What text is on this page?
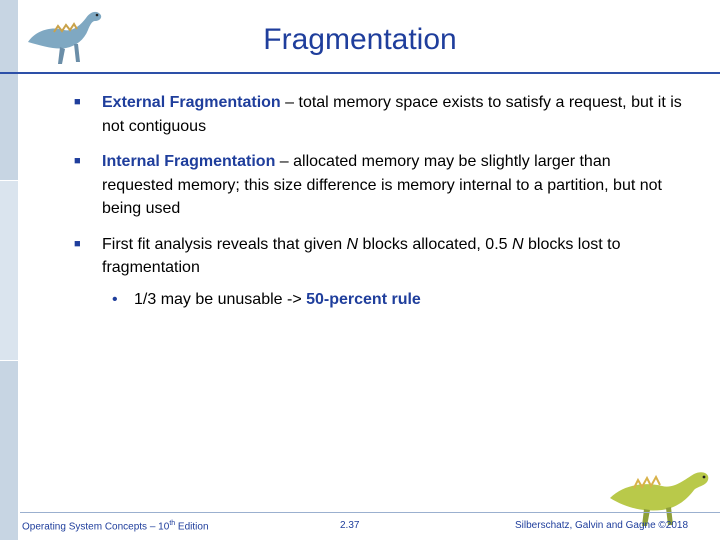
Fragmentation
■	External Fragmentation – total memory space exists to satisfy a request, but it is not contiguous
■	Internal Fragmentation – allocated memory may be slightly larger than requested memory; this size difference is memory internal to a partition, but not being used
■	First fit analysis reveals that given N blocks allocated, 0.5 N blocks lost to fragmentation
• 1/3 may be unusable -> 50-percent rule
Operating System Concepts – 10th Edition	2.37	Silberschatz, Galvin and Gagne ©2018
